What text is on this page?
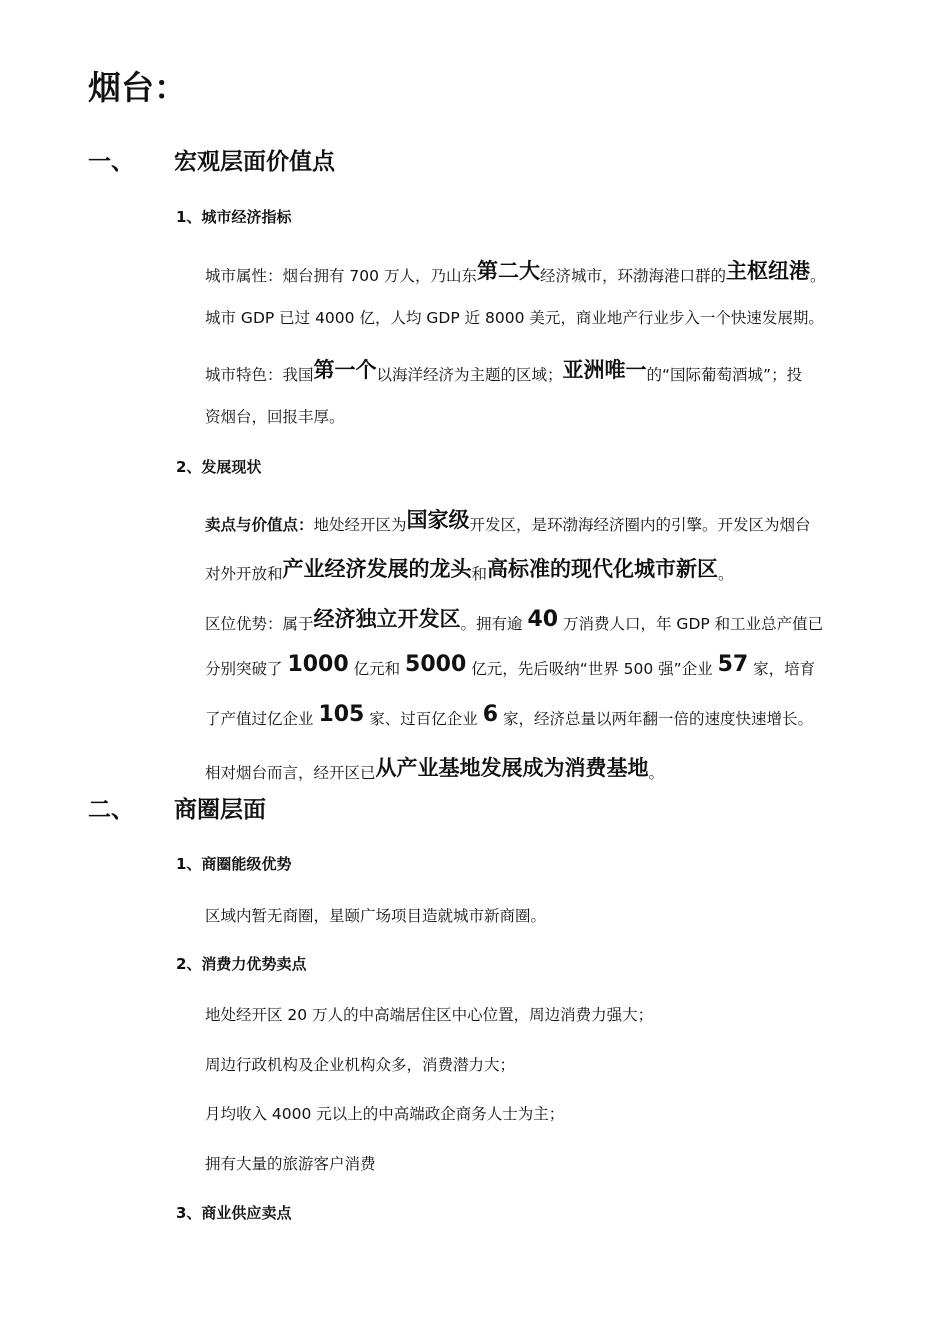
烟台：
一、 宏观层面价值点
1、城市经济指标
城市属性：烟台拥有 700 万人，乃山东第二大经济城市，环渤海港口群的主枢纽港。
城市 GDP 已过 4000 亿，人均 GDP 近 8000 美元，商业地产行业步入一个快速发展期。
城市特色：我国第一个以海洋经济为主题的区域；亚洲唯一的“国际葡萄酒城”；投
资烟台，回报丰厚。
2、发展现状
卖点与价值点：地处经开区为国家级开发区，是环渤海经济圈内的引擎。开发区为烟台
对外开放和产业经济发展的龙头和高标准的现代化城市新区。
区位优势：属于经济独立开发区。拥有逾 40 万消费人口，年 GDP 和工业总产值已
分别突破了 1000 亿元和 5000 亿元，先后吸纳“世界 500 强”企业 57 家，培育
了产值过亿企业 105 家、过百亿企业 6 家，经济总量以两年翻一倍的速度快速增长。
相对烟台而言，经开区已从产业基地发展成为消费基地。
二、 商圈层面
1、商圈能级优势
区域内暂无商圈，星颐广场项目造就城市新商圈。
2、消费力优势卖点
地处经开区 20 万人的中高端居住区中心位置，周边消费力强大；
周边行政机构及企业机构众多，消费潜力大；
月均收入 4000 元以上的中高端政企商务人士为主；
拥有大量的旅游客户消费
3、商业供应卖点
